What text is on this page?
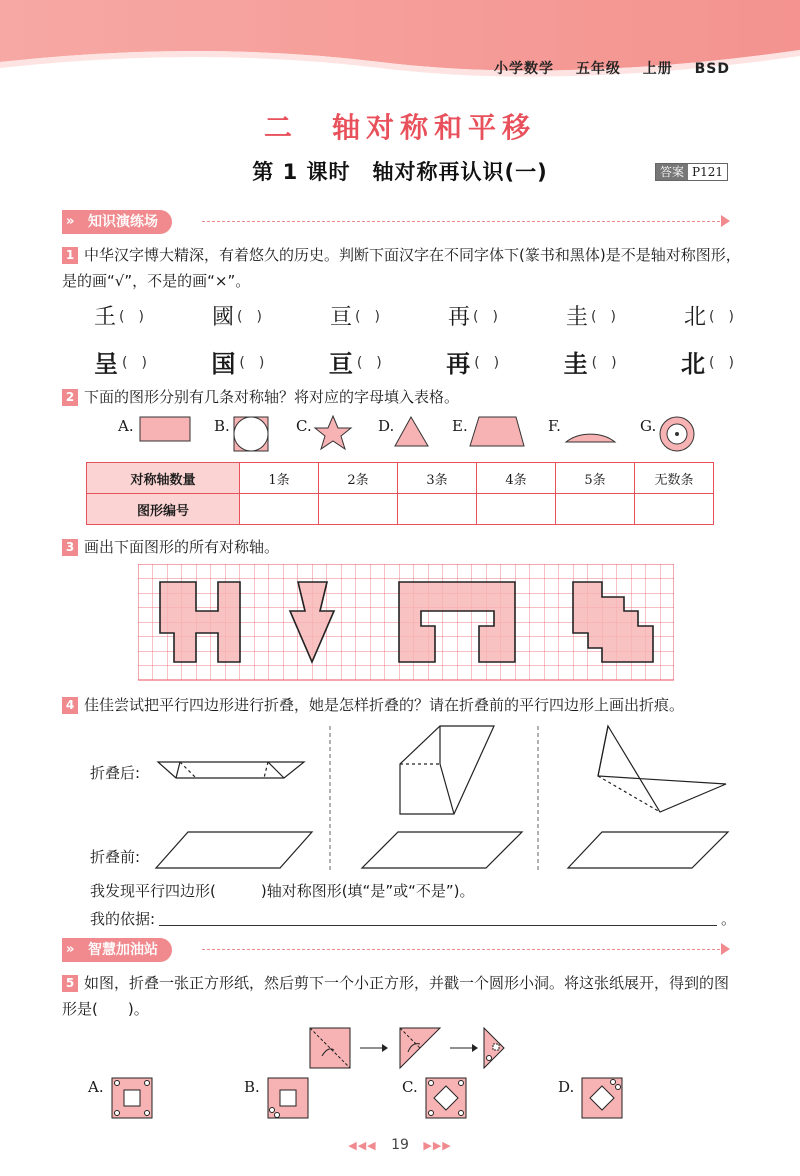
小学数学 五年级 上册 BSD
二　轴对称和平移
第 1 课时　轴对称再认识(一)	答案 P121
» 知识演练场
1 中华汉字博大精深，有着悠久的历史。判断下面汉字在不同字体下(篆书和黑体)是不是轴对称图形，是的画“√”，不是的画“×”。
𡈼 (　)	國 (　)	亘 (　)	再 (　)	圭 (　)	北 (　)
呈 (　)	国 (　)	亘 (　)	再 (　)	圭 (　)	北 (　)
2 下面的图形分别有几条对称轴？将对应的字母填入表格。
A.	B.	C.	D.	E.	F.	G.
对称轴数量	1条	2条	3条	4条	5条	无数条
图形编号						
3 画出下面图形的所有对称轴。
4 佳佳尝试把平行四边形进行折叠，她是怎样折叠的？请在折叠前的平行四边形上画出折痕。
折叠后:
折叠前:
我发现平行四边形(　　　)轴对称图形(填“是”或“不是”)。
我的依据:	。
» 智慧加油站
5 如图，折叠一张正方形纸，然后剪下一个小正方形，并戳一个圆形小洞。将这张纸展开，得到的图形是(　　)。
A.	B.	C.	D.
◀◀◀ 19 ▶▶▶
